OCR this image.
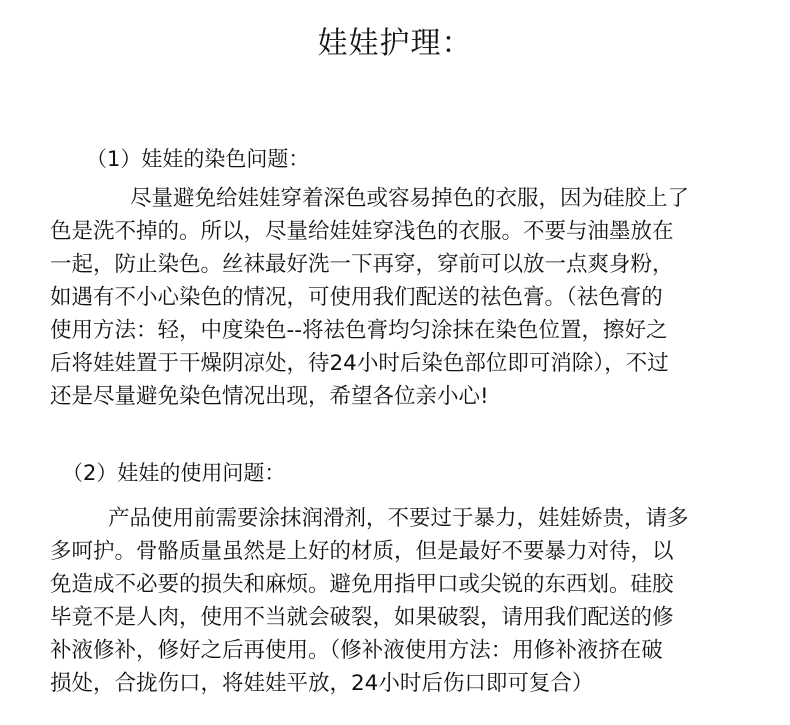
娃娃护理：
（1）娃娃的染色问题：
尽量避免给娃娃穿着深色或容易掉色的衣服，因为硅胶上了
色是洗不掉的。所以，尽量给娃娃穿浅色的衣服。不要与油墨放在
一起，防止染色。丝袜最好洗一下再穿，穿前可以放一点爽身粉，
如遇有不小心染色的情况，可使用我们配送的祛色膏。（祛色膏的
使用方法：轻，中度染色--将祛色膏均匀涂抹在染色位置，擦好之
后将娃娃置于干燥阴凉处，待24小时后染色部位即可消除），不过
还是尽量避免染色情况出现，希望各位亲小心!
（2）娃娃的使用问题：
产品使用前需要涂抹润滑剂，不要过于暴力，娃娃娇贵，请多
多呵护。骨骼质量虽然是上好的材质，但是最好不要暴力对待，以
免造成不必要的损失和麻烦。避免用指甲口或尖锐的东西划。硅胶
毕竟不是人肉，使用不当就会破裂，如果破裂，请用我们配送的修
补液修补，修好之后再使用。（修补液使用方法：用修补液挤在破
损处，合拢伤口，将娃娃平放，24小时后伤口即可复合）
